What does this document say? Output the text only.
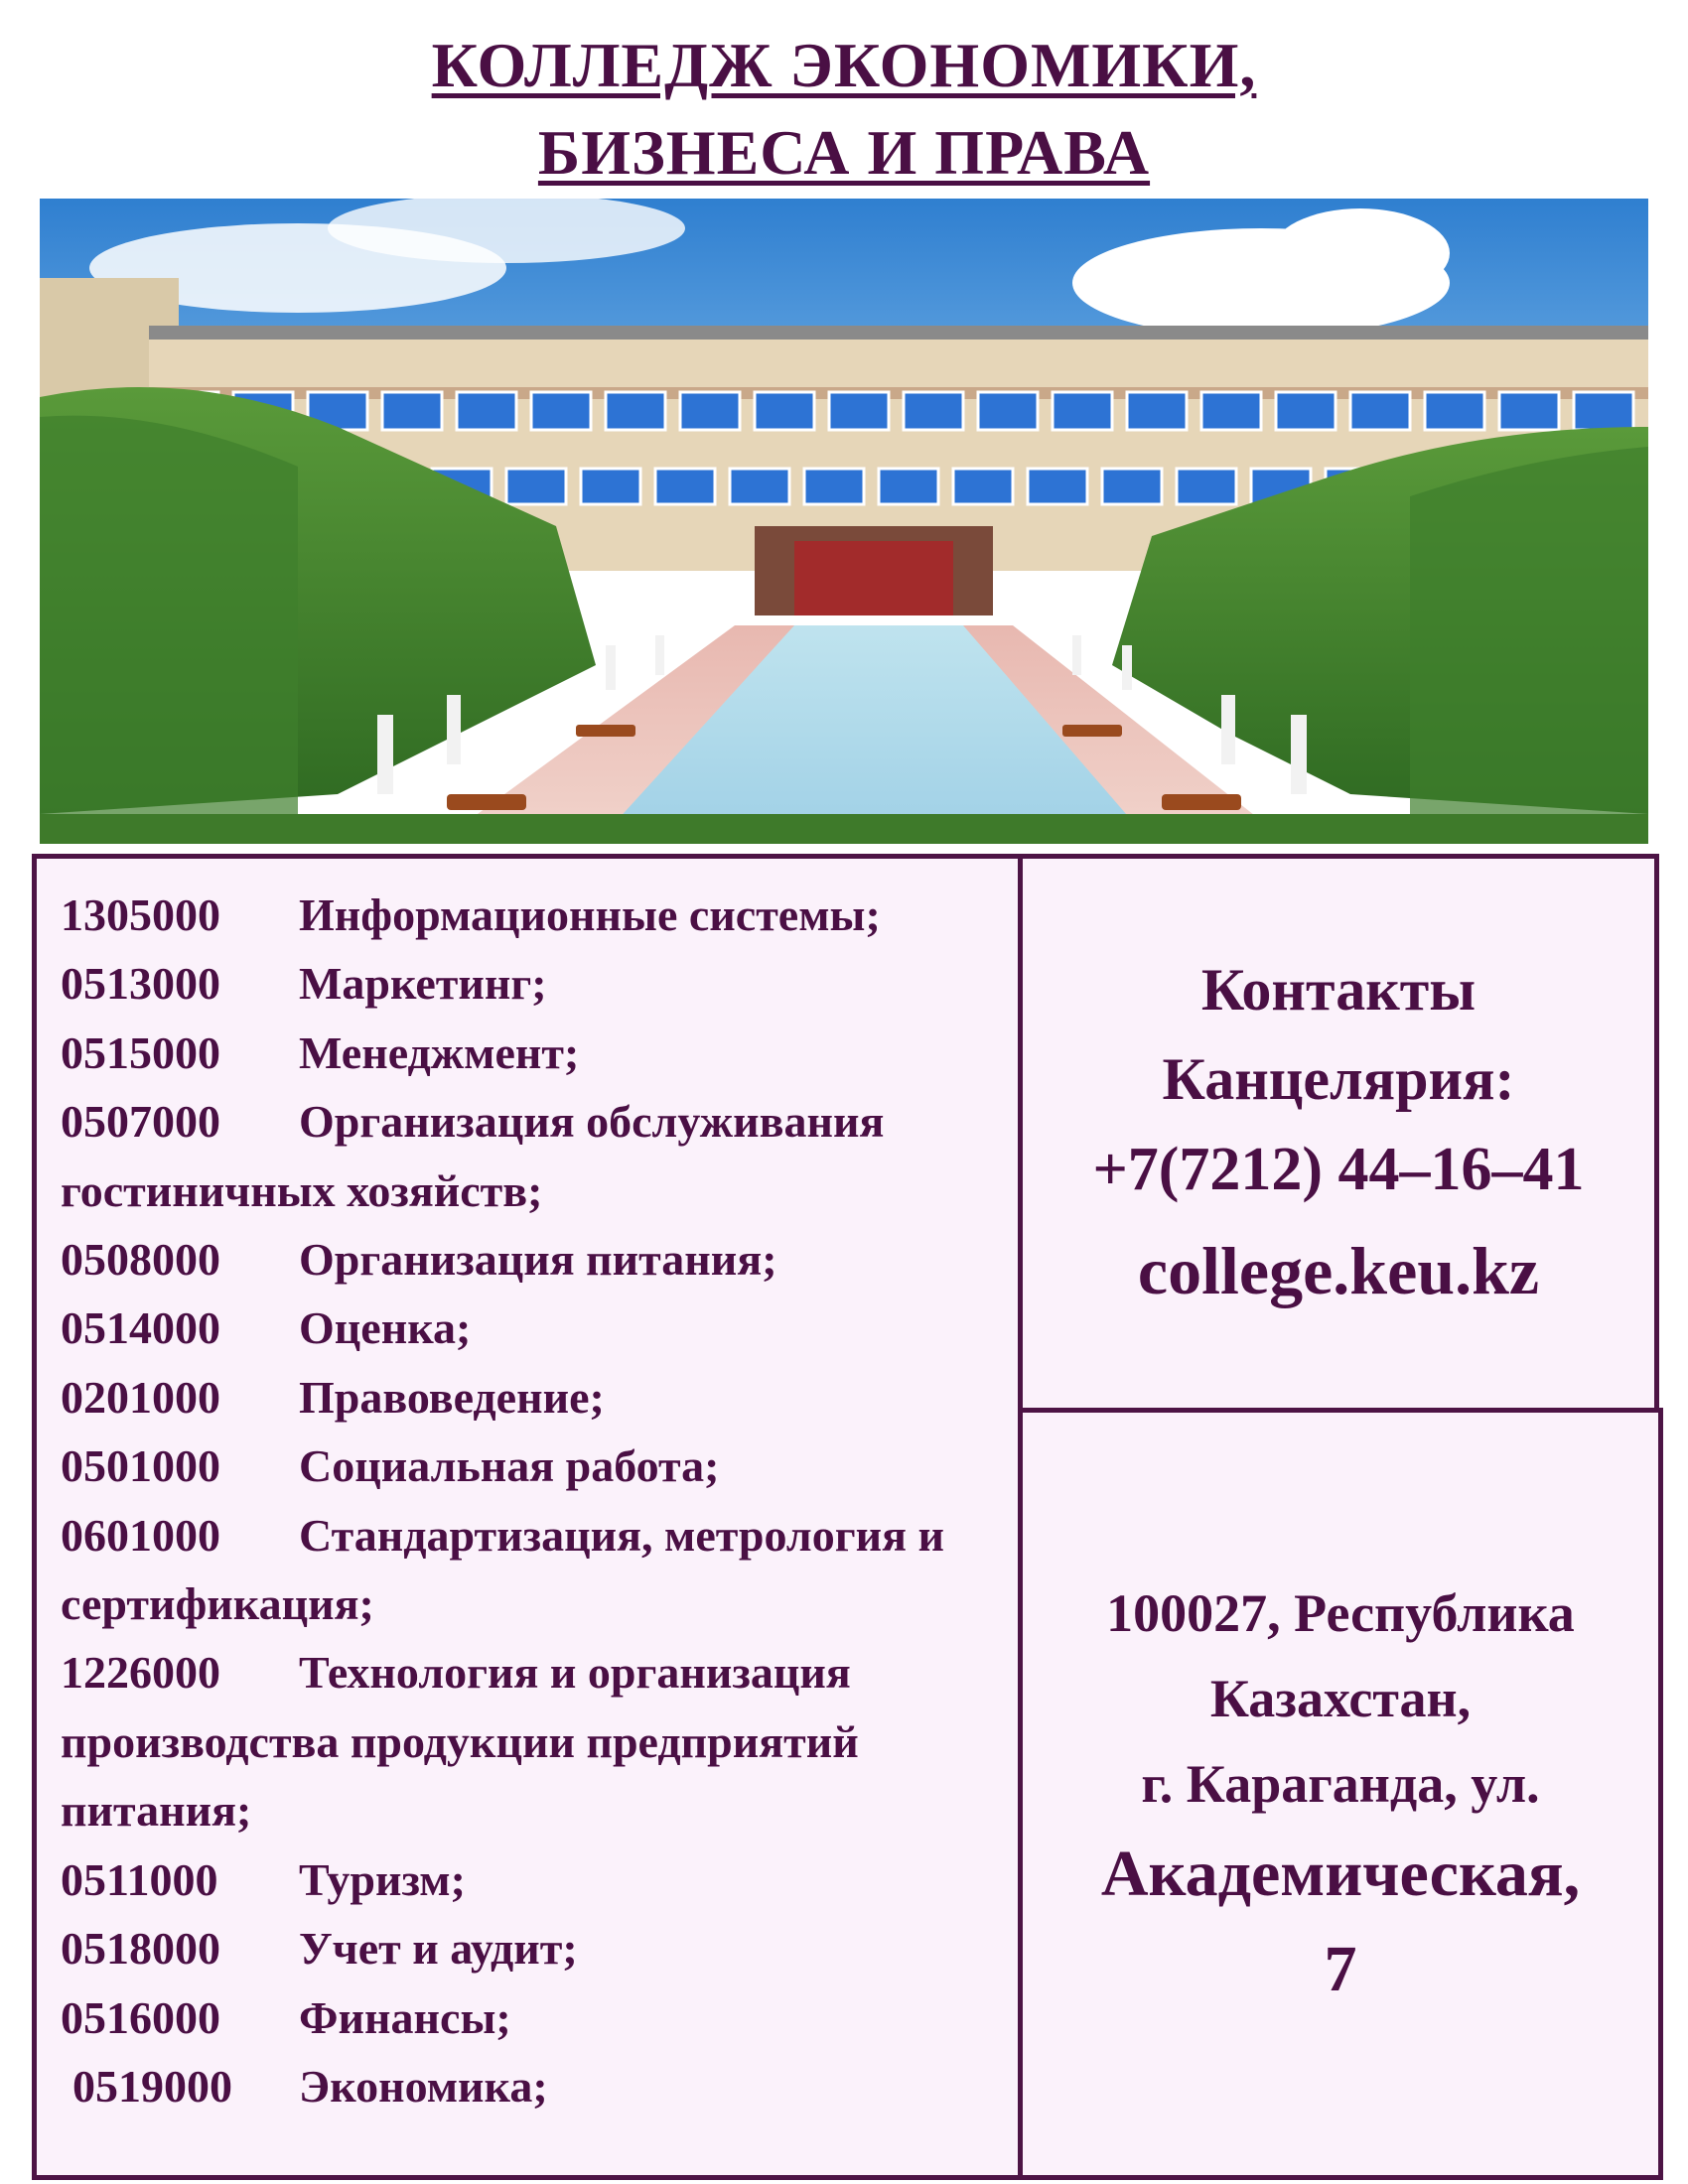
КОЛЛЕДЖ ЭКОНОМИКИ,
БИЗНЕСА И ПРАВА
1305000 Информационные системы;
0513000 Маркетинг;
0515000 Менеджмент;
0507000 Организация обслуживания гостиничных хозяйств;
0508000 Организация питания;
0514000 Оценка;
0201000 Правоведение;
0501000 Социальная работа;
0601000 Стандартизация, метрология и сертификация;
1226000 Технология и организация производства продукции предприятий питания;
0511000 Туризм;
0518000 Учет и аудит;
0516000 Финансы;
0519000 Экономика;
Контакты
Канцелярия:
+7(7212) 44–16–41
college.keu.kz
100027, Республика
Казахстан,
г. Караганда, ул.
Академическая,
7
